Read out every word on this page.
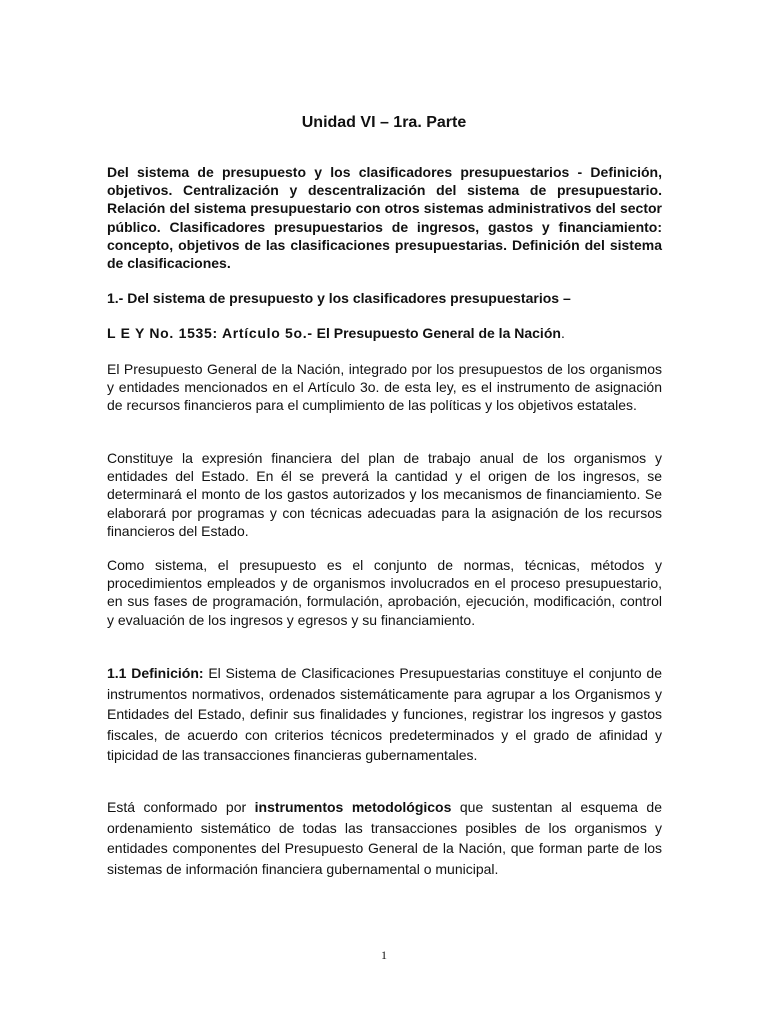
Unidad VI – 1ra. Parte

Del sistema de presupuesto y los clasificadores presupuestarios - Definición, objetivos. Centralización y descentralización del sistema de presupuestario. Relación del sistema presupuestario con otros sistemas administrativos del sector público. Clasificadores presupuestarios de ingresos, gastos y financiamiento: concepto, objetivos de las clasificaciones presupuestarias. Definición del sistema de clasificaciones.

1.- Del sistema de presupuesto y los clasificadores presupuestarios –

L E Y No. 1535: Artículo 5o.- El Presupuesto General de la Nación.

El Presupuesto General de la Nación, integrado por los presupuestos de los organismos y entidades mencionados en el Artículo 3o. de esta ley, es el instrumento de asignación de recursos financieros para el cumplimiento de las políticas y los objetivos estatales.

Constituye la expresión financiera del plan de trabajo anual de los organismos y entidades del Estado. En él se preverá la cantidad y el origen de los ingresos, se determinará el monto de los gastos autorizados y los mecanismos de financiamiento. Se elaborará por programas y con técnicas adecuadas para la asignación de los recursos financieros del Estado.

Como sistema, el presupuesto es el conjunto de normas, técnicas, métodos y procedimientos empleados y de organismos involucrados en el proceso presupuestario, en sus fases de programación, formulación, aprobación, ejecución, modificación, control y evaluación de los ingresos y egresos y su financiamiento.

1.1 Definición: El Sistema de Clasificaciones Presupuestarias constituye el conjunto de instrumentos normativos, ordenados sistemáticamente para agrupar a los Organismos y Entidades del Estado, definir sus finalidades y funciones, registrar los ingresos y gastos fiscales, de acuerdo con criterios técnicos predeterminados y el grado de afinidad y tipicidad de las transacciones financieras gubernamentales.

Está conformado por instrumentos metodológicos que sustentan al esquema de ordenamiento sistemático de todas las transacciones posibles de los organismos y entidades componentes del Presupuesto General de la Nación, que forman parte de los sistemas de información financiera gubernamental o municipal.

1
